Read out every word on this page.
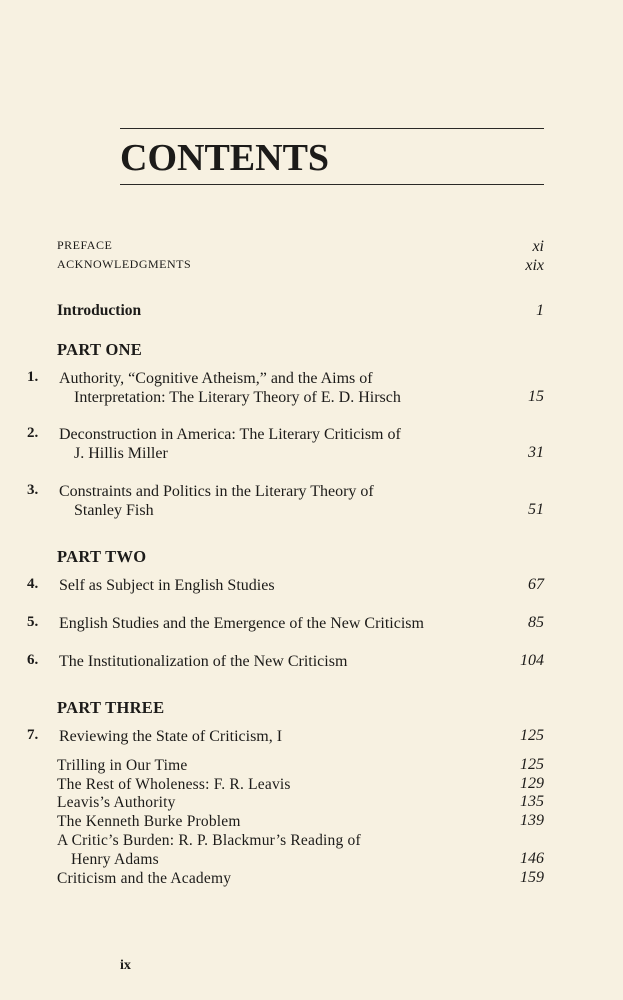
CONTENTS
PREFACE	xi
ACKNOWLEDGMENTS	xix
Introduction	1
PART ONE
1. Authority, “Cognitive Atheism,” and the Aims of
Interpretation: The Literary Theory of E. D. Hirsch	15
2. Deconstruction in America: The Literary Criticism of
J. Hillis Miller	31
3. Constraints and Politics in the Literary Theory of
Stanley Fish	51
PART TWO
4. Self as Subject in English Studies	67
5. English Studies and the Emergence of the New Criticism	85
6. The Institutionalization of the New Criticism	104
PART THREE
7. Reviewing the State of Criticism, I	125
Trilling in Our Time	125
The Rest of Wholeness: F. R. Leavis	129
Leavis’s Authority	135
The Kenneth Burke Problem	139
A Critic’s Burden: R. P. Blackmur’s Reading of
Henry Adams	146
Criticism and the Academy	159
ix
